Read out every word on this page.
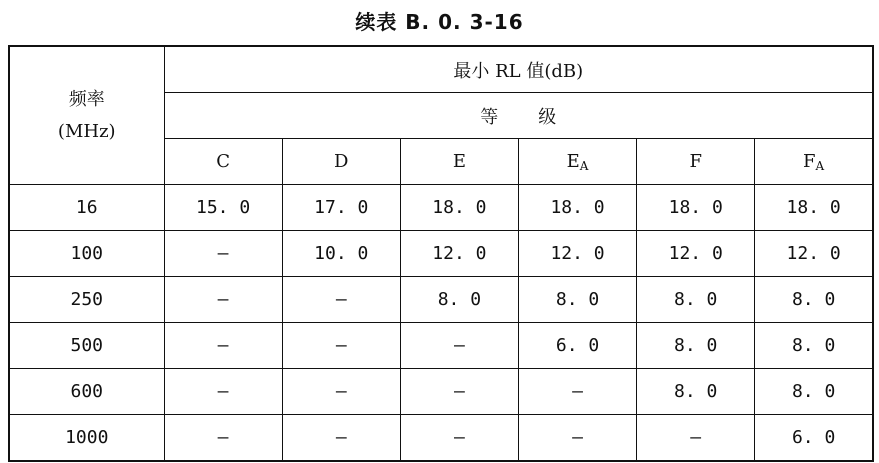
续表 B. 0. 3-16
频率
(MHz)	最小 RL 值(dB)					
	等 级					
	C	D	E	$E_A$	F	$F_A$
16	15. 0	17. 0	18. 0	18. 0	18. 0	18. 0
100	—	10. 0	12. 0	12. 0	12. 0	12. 0
250	—	—	8. 0	8. 0	8. 0	8. 0
500	—	—	—	6. 0	8. 0	8. 0
600	—	—	—	—	8. 0	8. 0
1000	—	—	—	—	—	6. 0
